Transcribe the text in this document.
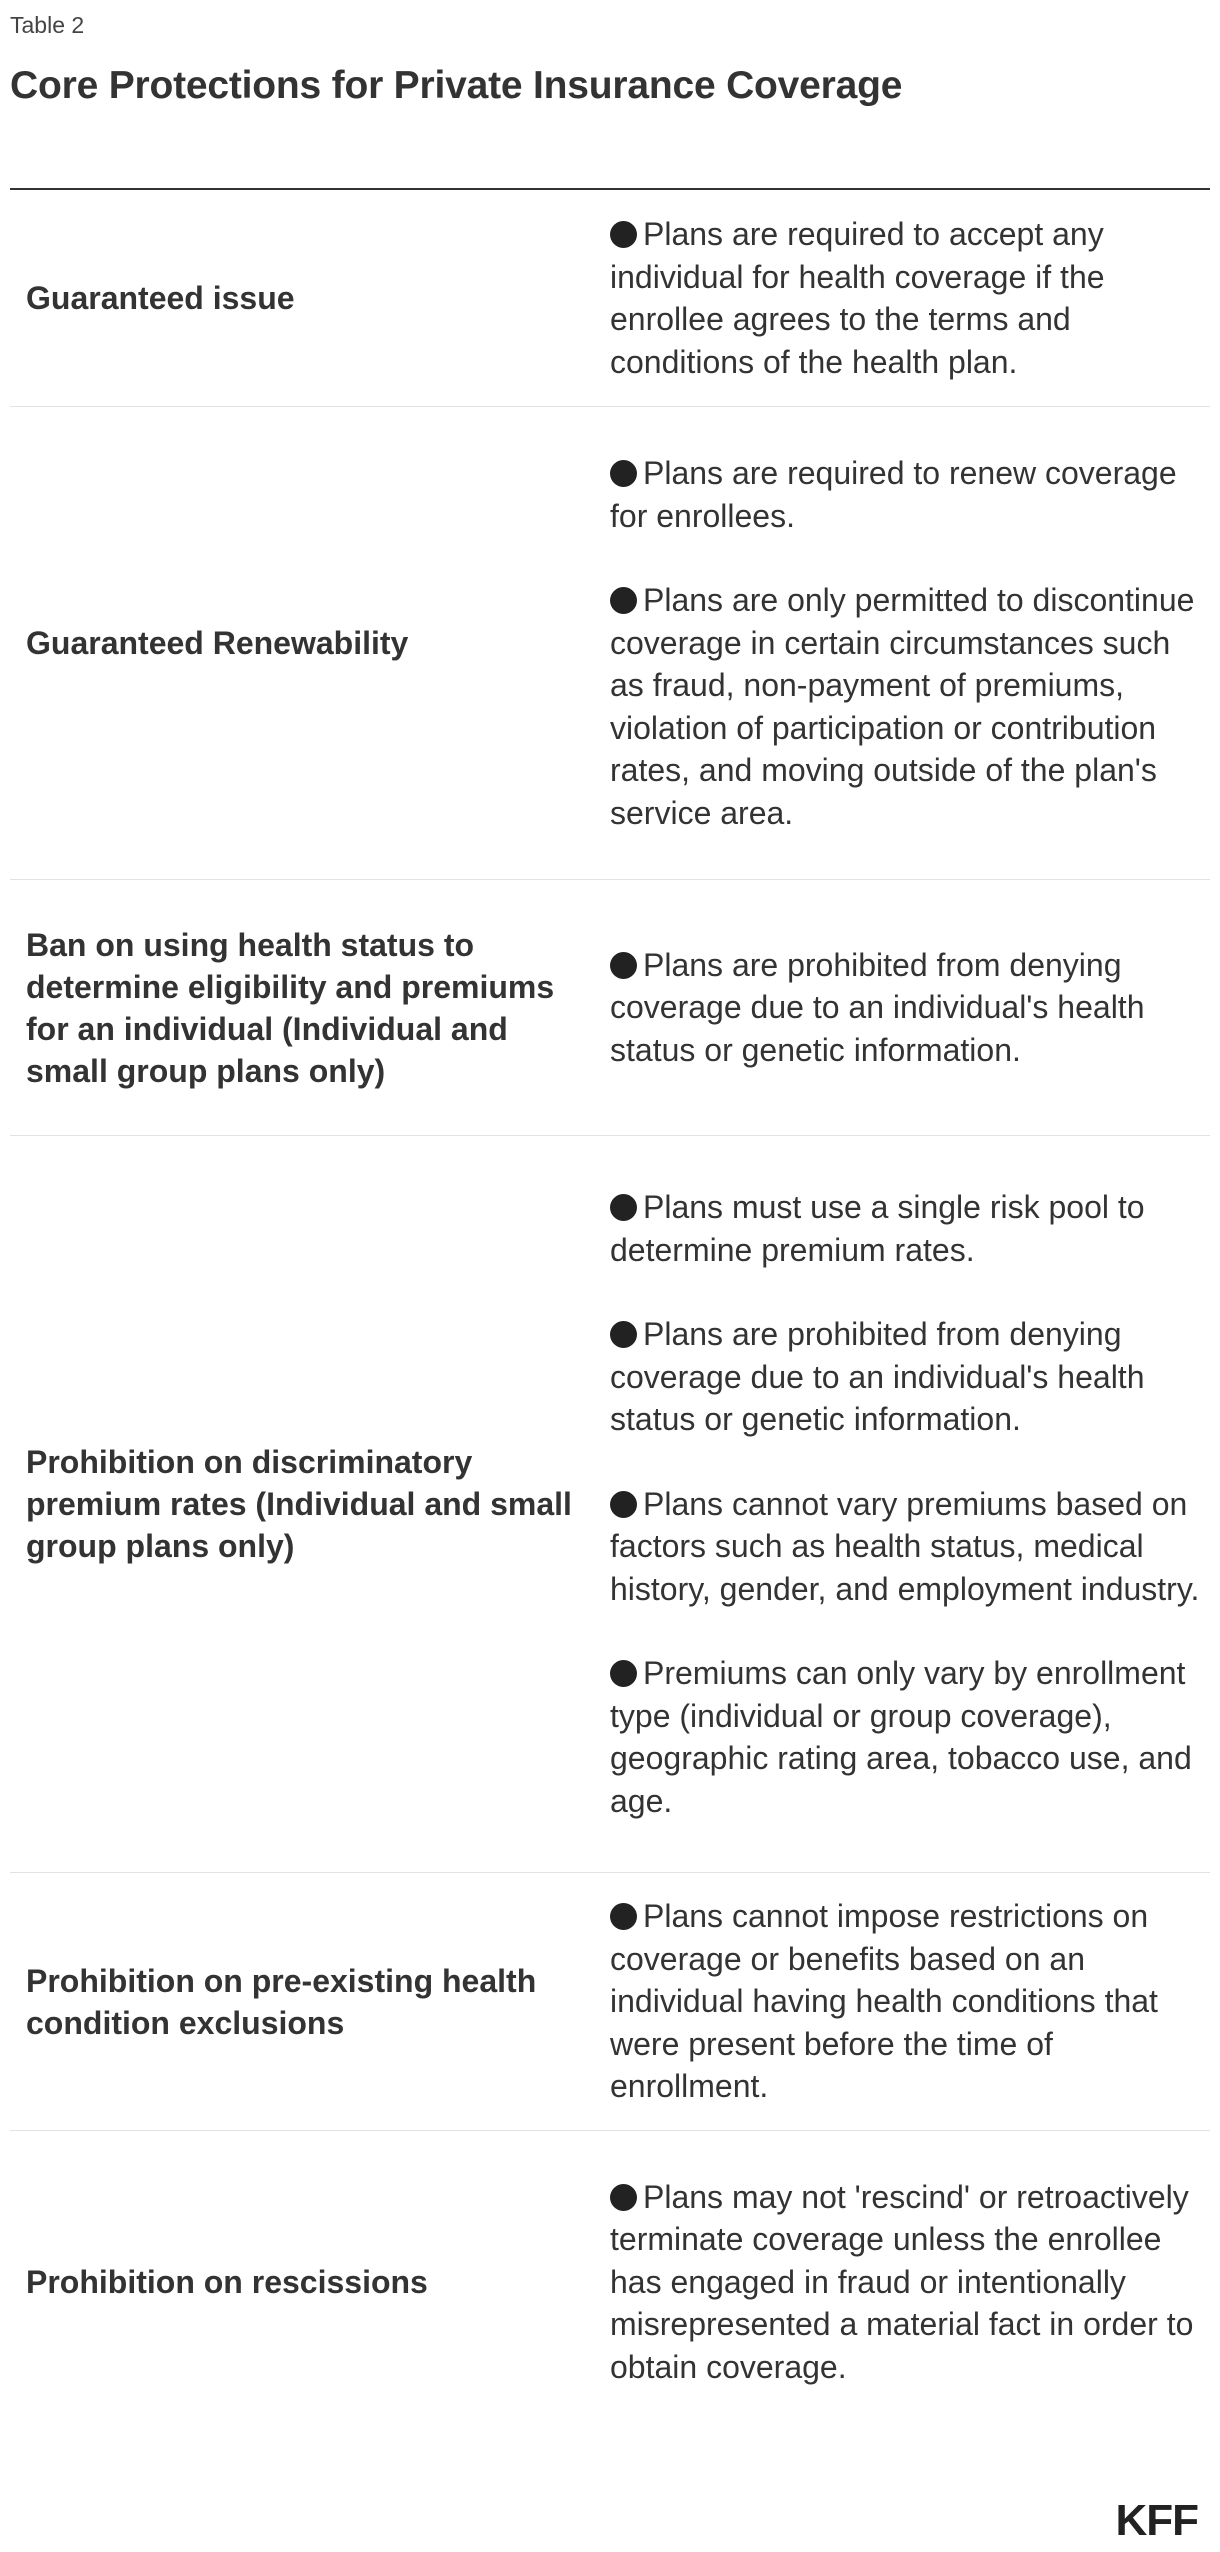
Table 2

Core Protections for Private Insurance Coverage
Guaranteed issue

Plans are required to accept any individual for health coverage if the enrollee agrees to the terms and conditions of the health plan.

Guaranteed Renewability

Plans are required to renew coverage for enrollees.

Plans are only permitted to discontinue coverage in certain circumstances such as fraud, non-payment of premiums, violation of participation or contribution rates, and moving outside of the plan's service area.

Ban on using health status to determine eligibility and premiums for an individual (Individual and small group plans only)

Plans are prohibited from denying coverage due to an individual's health status or genetic information.

Prohibition on discriminatory premium rates (Individual and small group plans only)

Plans must use a single risk pool to determine premium rates.

Plans are prohibited from denying coverage due to an individual's health status or genetic information.

Plans cannot vary premiums based on factors such as health status, medical history, gender, and employment industry.

Premiums can only vary by enrollment type (individual or group coverage), geographic rating area, tobacco use, and age.

Prohibition on pre-existing health condition exclusions

Plans cannot impose restrictions on coverage or benefits based on an individual having health conditions that were present before the time of enrollment.

Prohibition on rescissions

Plans may not 'rescind' or retroactively terminate coverage unless the enrollee has engaged in fraud or intentionally misrepresented a material fact in order to obtain coverage.

KFF
